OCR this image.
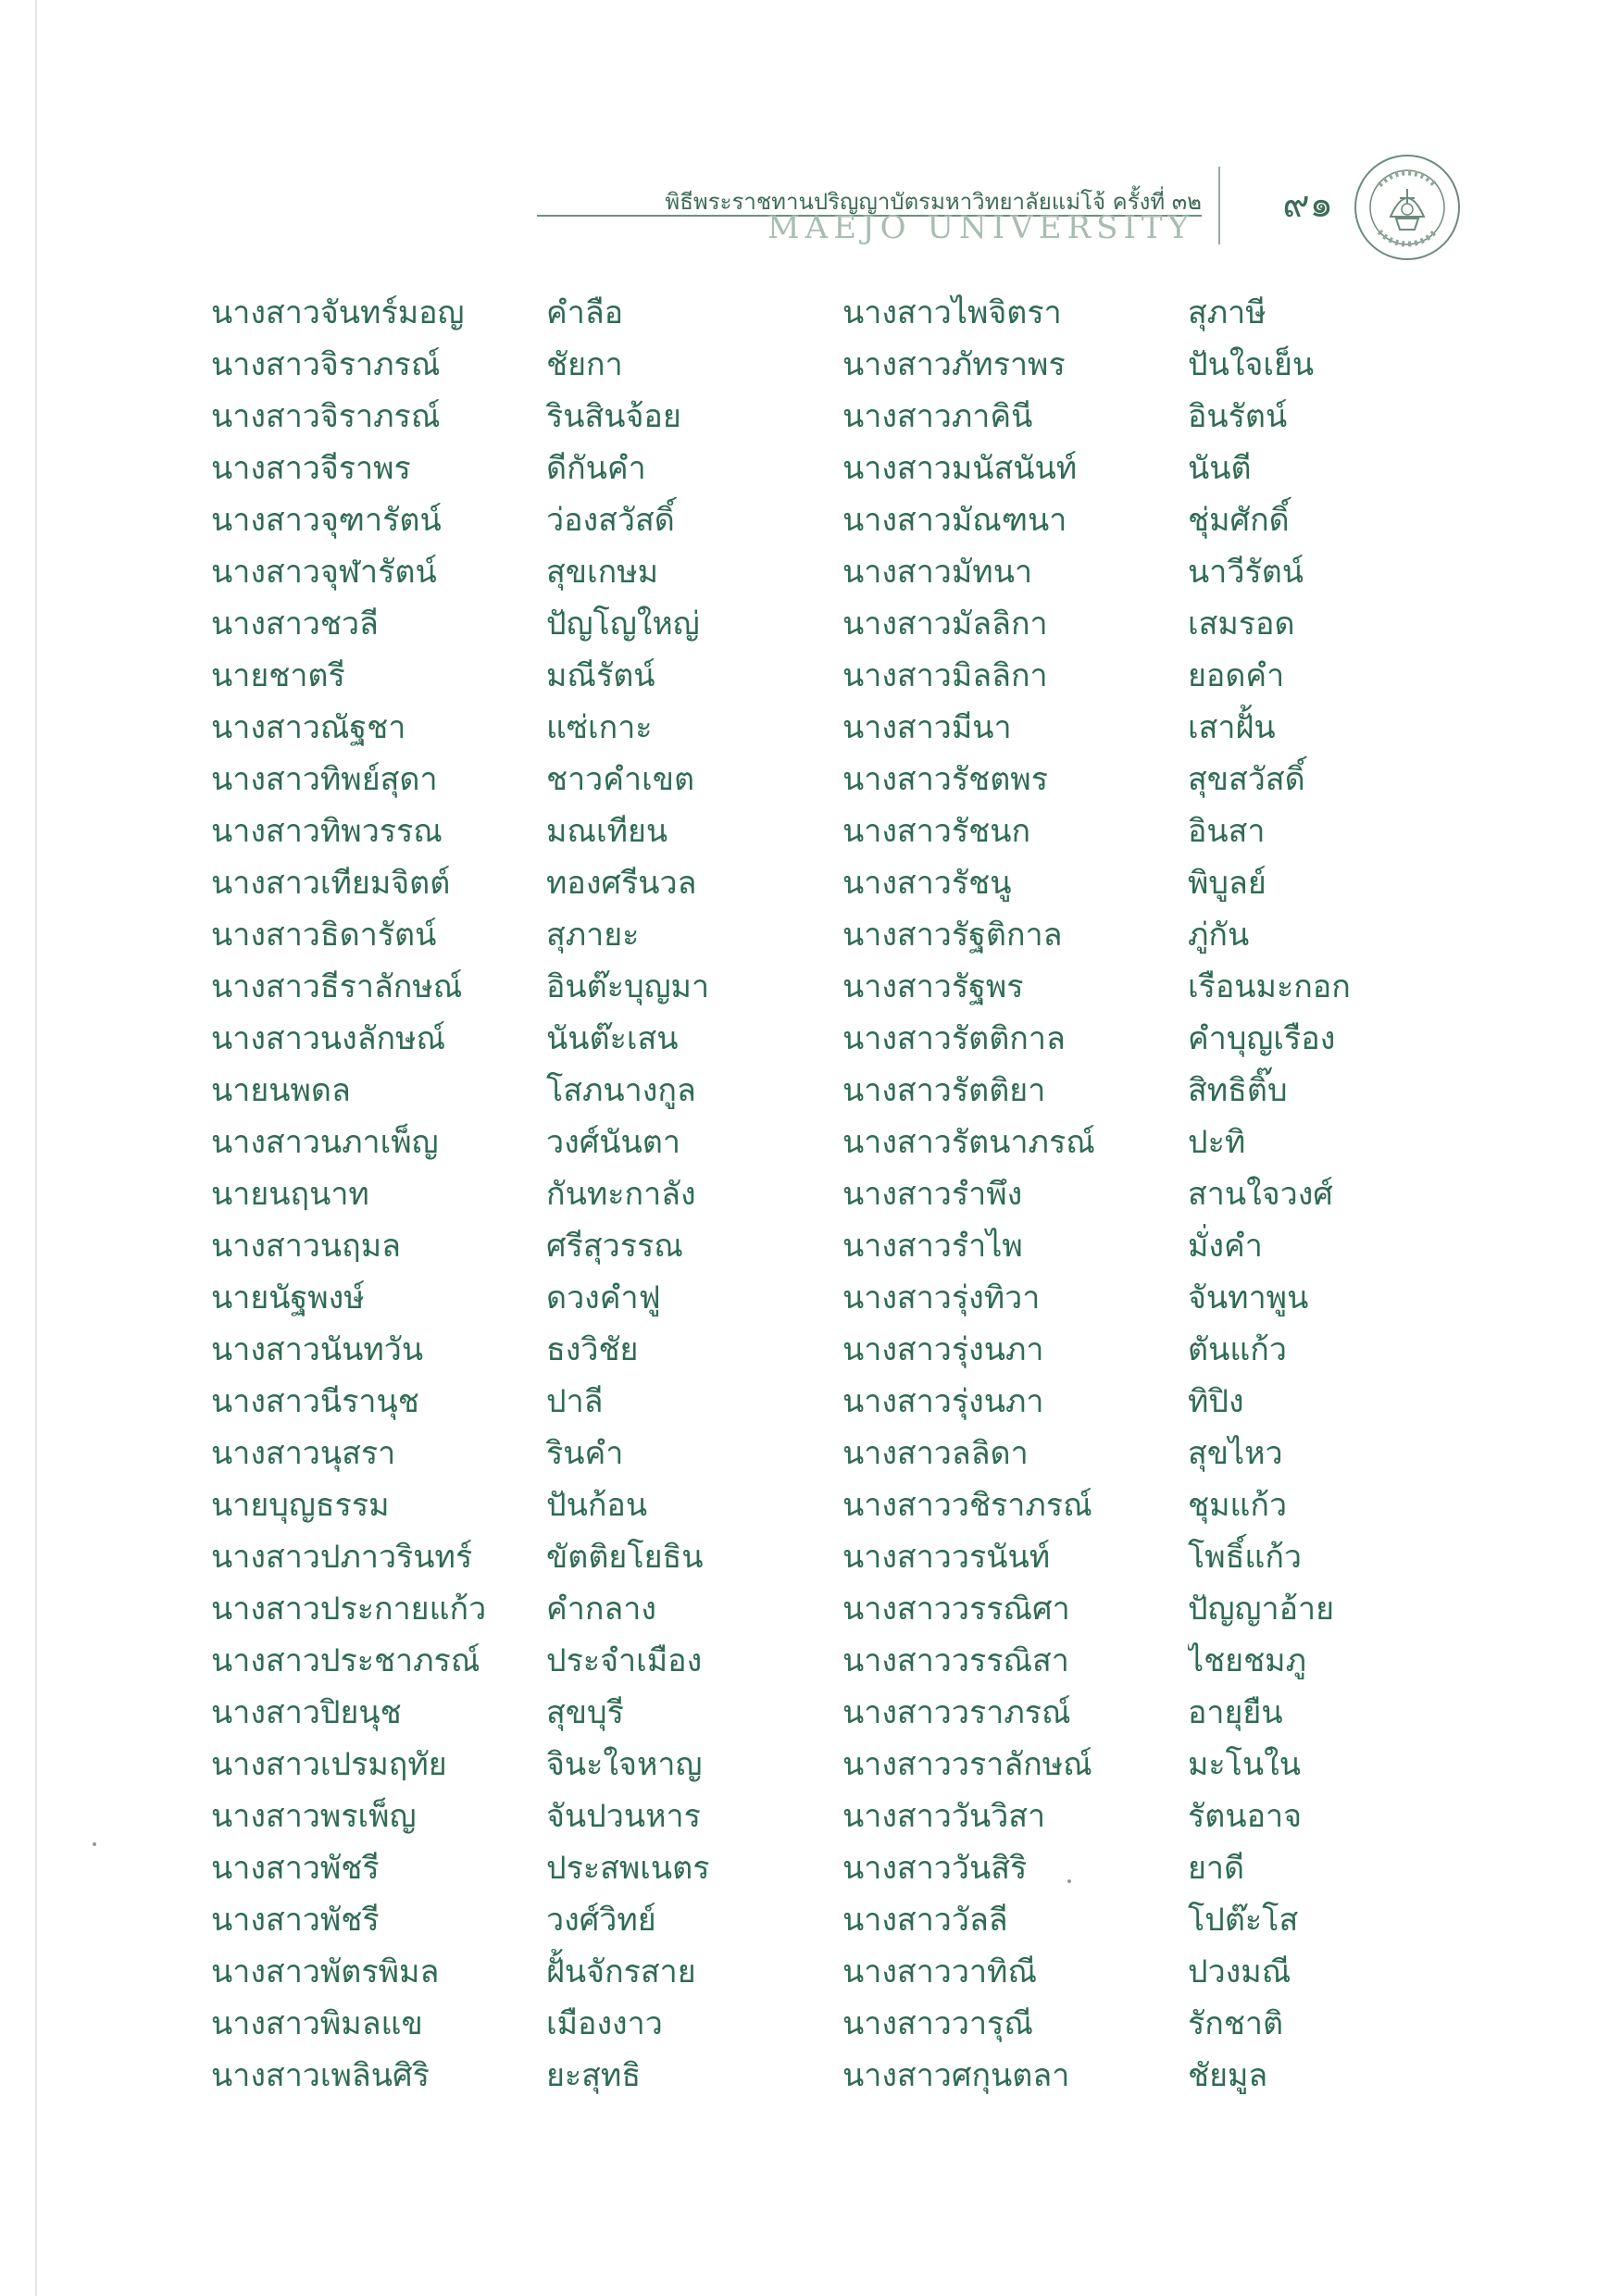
พิธีพระราชทานปริญญาบัตรมหาวิทยาลัยแม่โจ้ ครั้งที่ ๓๒
MAEJO UNIVERSITY
๙๑
นางสาวจันทร์มอญ	คำลือ	นางสาวไพจิตรา	สุภาษี
นางสาวจิราภรณ์	ชัยกา	นางสาวภัทราพร	ปันใจเย็น
นางสาวจิราภรณ์	รินสินจ้อย	นางสาวภาคินี	อินรัตน์
นางสาวจีราพร	ดีกันคำ	นางสาวมนัสนันท์	นันตี
นางสาวจุฑารัตน์	ว่องสวัสดิ์	นางสาวมัณฑนา	ชุ่มศักดิ์
นางสาวจุฬารัตน์	สุขเกษม	นางสาวมัทนา	นาวีรัตน์
นางสาวชวลี	ปัญโญใหญ่	นางสาวมัลลิกา	เสมรอด
นายชาตรี	มณีรัตน์	นางสาวมิลลิกา	ยอดคำ
นางสาวณัฐชา	แซ่เกาะ	นางสาวมีนา	เสาฝั้น
นางสาวทิพย์สุดา	ชาวคำเขต	นางสาวรัชตพร	สุขสวัสดิ์
นางสาวทิพวรรณ	มณเทียน	นางสาวรัชนก	อินสา
นางสาวเทียมจิตต์	ทองศรีนวล	นางสาวรัชนู	พิบูลย์
นางสาวธิดารัตน์	สุภายะ	นางสาวรัฐติกาล	ภู่กัน
นางสาวธีราลักษณ์	อินต๊ะบุญมา	นางสาวรัฐพร	เรือนมะกอก
นางสาวนงลักษณ์	นันต๊ะเสน	นางสาวรัตติกาล	คำบุญเรือง
นายนพดล	โสภนางกูล	นางสาวรัตติยา	สิทธิติ๊บ
นางสาวนภาเพ็ญ	วงศ์นันตา	นางสาวรัตนาภรณ์	ปะทิ
นายนฤนาท	กันทะกาลัง	นางสาวรำพึง	สานใจวงศ์
นางสาวนฤมล	ศรีสุวรรณ	นางสาวรำไพ	มั่งคำ
นายนัฐพงษ์	ดวงคำฟู	นางสาวรุ่งทิวา	จันทาพูน
นางสาวนันทวัน	ธงวิชัย	นางสาวรุ่งนภา	ตันแก้ว
นางสาวนีรานุช	ปาลี	นางสาวรุ่งนภา	ทิปิง
นางสาวนุสรา	รินคำ	นางสาวลลิดา	สุขไหว
นายบุญธรรม	ปันก้อน	นางสาววชิราภรณ์	ชุมแก้ว
นางสาวปภาวรินทร์	ขัตติยโยธิน	นางสาววรนันท์	โพธิ์แก้ว
นางสาวประกายแก้ว	คำกลาง	นางสาววรรณิศา	ปัญญาอ้าย
นางสาวประชาภรณ์	ประจำเมือง	นางสาววรรณิสา	ไชยชมภู
นางสาวปิยนุช	สุขบุรี	นางสาววราภรณ์	อายุยืน
นางสาวเปรมฤทัย	จินะใจหาญ	นางสาววราลักษณ์	มะโนใน
นางสาวพรเพ็ญ	จันปวนหาร	นางสาววันวิสา	รัตนอาจ
นางสาวพัชรี	ประสพเนตร	นางสาววันสิริ	ยาดี
นางสาวพัชรี	วงศ์วิทย์	นางสาววัลลี	โปต๊ะโส
นางสาวพัตรพิมล	ฝั้นจักรสาย	นางสาววาทิณี	ปวงมณี
นางสาวพิมลแข	เมืองงาว	นางสาววารุณี	รักชาติ
นางสาวเพลินศิริ	ยะสุทธิ	นางสาวศกุนตลา	ชัยมูล
